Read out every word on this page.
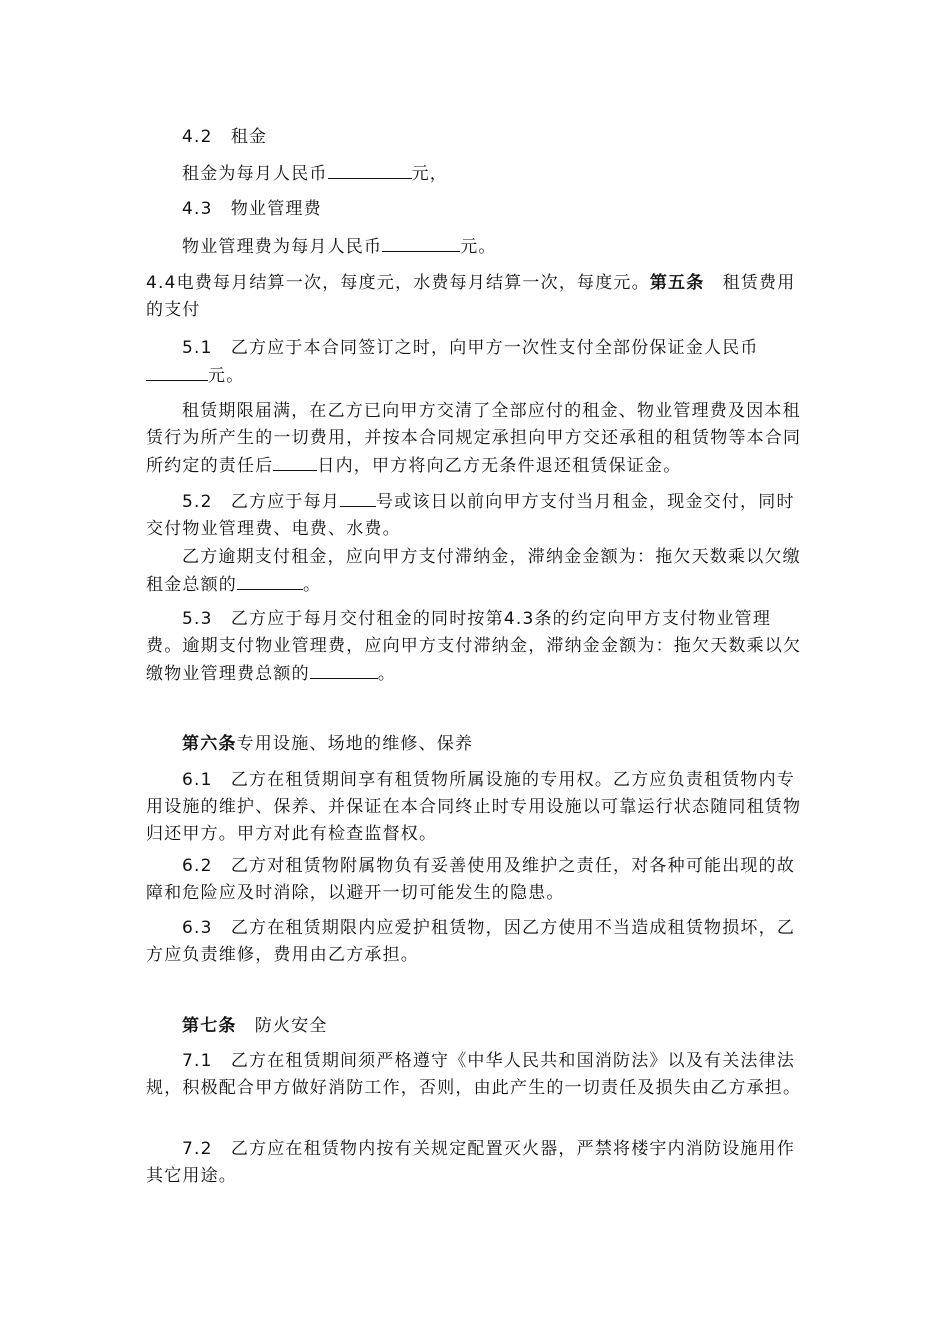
4.2　租金

租金为每月人民币	元，

4.3　物业管理费

物业管理费为每月人民币	元。

4.4电费每月结算一次，每度元，水费每月结算一次，每度元。第五条　租赁费用的支付

5.1　乙方应于本合同签订之时，向甲方一次性支付全部份保证金人民币元。

租赁期限届满，在乙方已向甲方交清了全部应付的租金、物业管理费及因本租赁行为所产生的一切费用，并按本合同规定承担向甲方交还承租的租赁物等本合同所约定的责任后	日内，甲方将向乙方无条件退还租赁保证金。

5.2　乙方应于每月 号或该日以前向甲方支付当月租金，现金交付，同时交付物业管理费、电费、水费。

乙方逾期支付租金，应向甲方支付滞纳金，滞纳金金额为：拖欠天数乘以欠缴租金总额的	。

5.3　乙方应于每月交付租金的同时按第4.3条的约定向甲方支付物业管理费。逾期支付物业管理费，应向甲方支付滞纳金，滞纳金金额为：拖欠天数乘以欠缴物业管理费总额的	。

第六条专用设施、场地的维修、保养

6.1　乙方在租赁期间享有租赁物所属设施的专用权。乙方应负责租赁物内专用设施的维护、保养、并保证在本合同终止时专用设施以可靠运行状态随同租赁物归还甲方。甲方对此有检查监督权。

6.2　乙方对租赁物附属物负有妥善使用及维护之责任，对各种可能出现的故障和危险应及时消除，以避开一切可能发生的隐患。

6.3　乙方在租赁期限内应爱护租赁物，因乙方使用不当造成租赁物损坏，乙方应负责维修，费用由乙方承担。

第七条　防火安全

7.1　乙方在租赁期间须严格遵守《中华人民共和国消防法》以及有关法律法规，积极配合甲方做好消防工作，否则，由此产生的一切责任及损失由乙方承担。

7.2　乙方应在租赁物内按有关规定配置灭火器，严禁将楼宇内消防设施用作其它用途。
